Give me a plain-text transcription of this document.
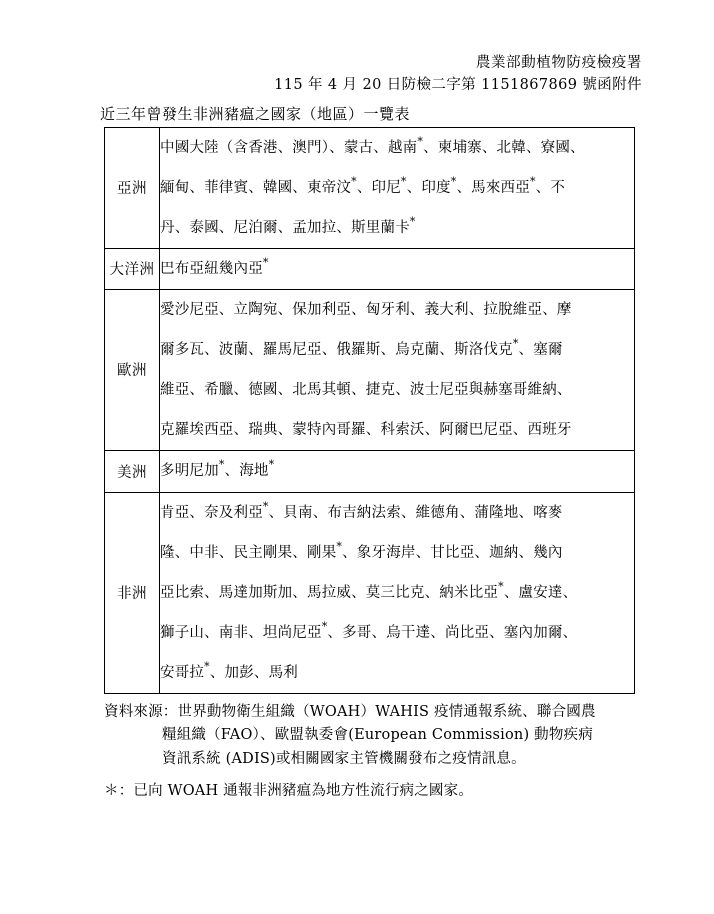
農業部動植物防疫檢疫署
115 年 4 月 20 日防檢二字第 1151867869 號函附件
近三年曾發生非洲豬瘟之國家（地區）一覽表
亞洲	中國大陸（含香港、澳門）、蒙古、越南*、柬埔寨、北韓、寮國、
緬甸、菲律賓、韓國、東帝汶*、印尼*、印度*、馬來西亞*、不
丹、泰國、尼泊爾、孟加拉、斯里蘭卡*

大洋洲	巴布亞紐幾內亞*

歐洲	愛沙尼亞、立陶宛、保加利亞、匈牙利、義大利、拉脫維亞、摩
爾多瓦、波蘭、羅馬尼亞、俄羅斯、烏克蘭、斯洛伐克*、塞爾
維亞、希臘、德國、北馬其頓、捷克、波士尼亞與赫塞哥維納、
克羅埃西亞、瑞典、蒙特內哥羅、科索沃、阿爾巴尼亞、西班牙

美洲	多明尼加*、海地*

非洲	肯亞、奈及利亞*、貝南、布吉納法索、維德角、蒲隆地、喀麥
隆、中非、民主剛果、剛果*、象牙海岸、甘比亞、迦納、幾內
亞比索、馬達加斯加、馬拉威、莫三比克、納米比亞*、盧安達、
獅子山、南非、坦尚尼亞*、多哥、烏干達、尚比亞、塞內加爾、
安哥拉*、加彭、馬利
資料來源：世界動物衛生組織（WOAH）WAHIS 疫情通報系統、聯合國農
糧組織（FAO）、歐盟執委會(European Commission) 動物疾病
資訊系統 (ADIS)或相關國家主管機關發布之疫情訊息。
＊：已向 WOAH 通報非洲豬瘟為地方性流行病之國家。
